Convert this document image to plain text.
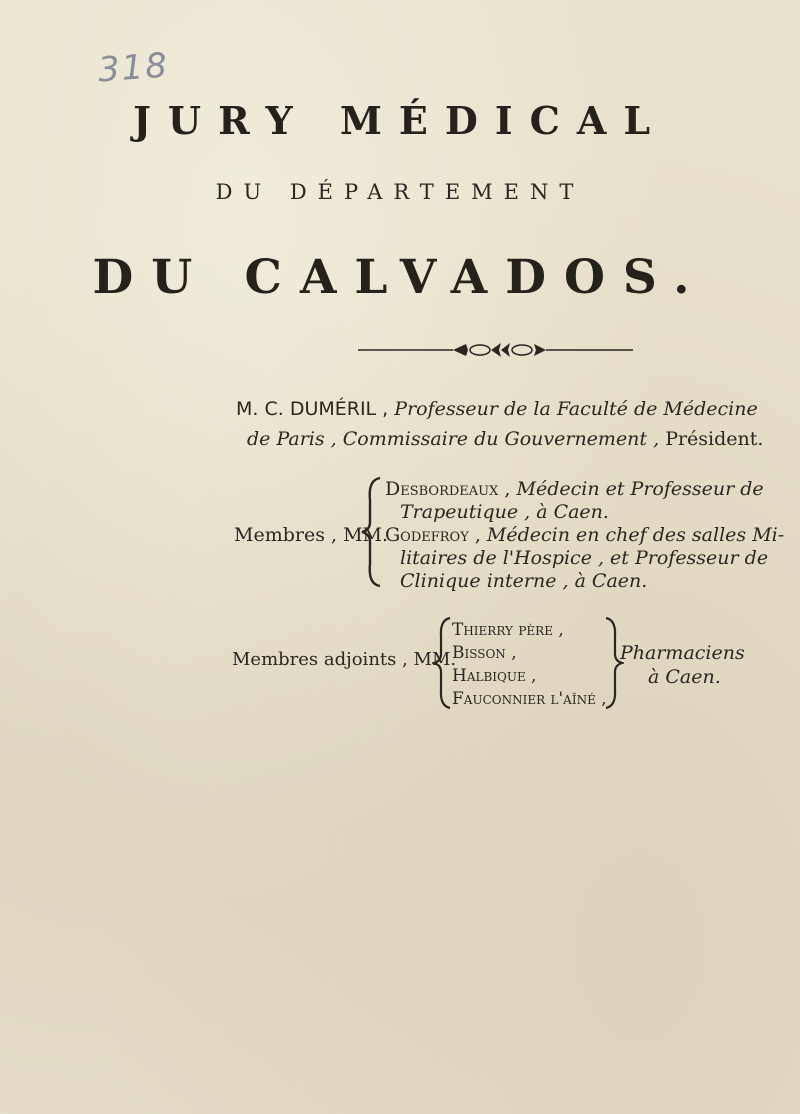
318
JURY MÉDICAL
DU DÉPARTEMENT
DU CALVADOS.
M. C. DUMÉRIL , Professeur de la Faculté de Médecine
de Paris , Commissaire du Gouvernement , Président.
Membres , MM.
Desbordeaux , Médecin et Professeur de
Trapeutique , à Caen.
Godefroy , Médecin en chef des salles Mi-
litaires de l'Hospice , et Professeur de
Clinique interne , à Caen.
Membres adjoints , MM.
Thierry père ,
Bisson ,
Halbique ,
Fauconnier l'aîné ,
Pharmaciens
à Caen.
